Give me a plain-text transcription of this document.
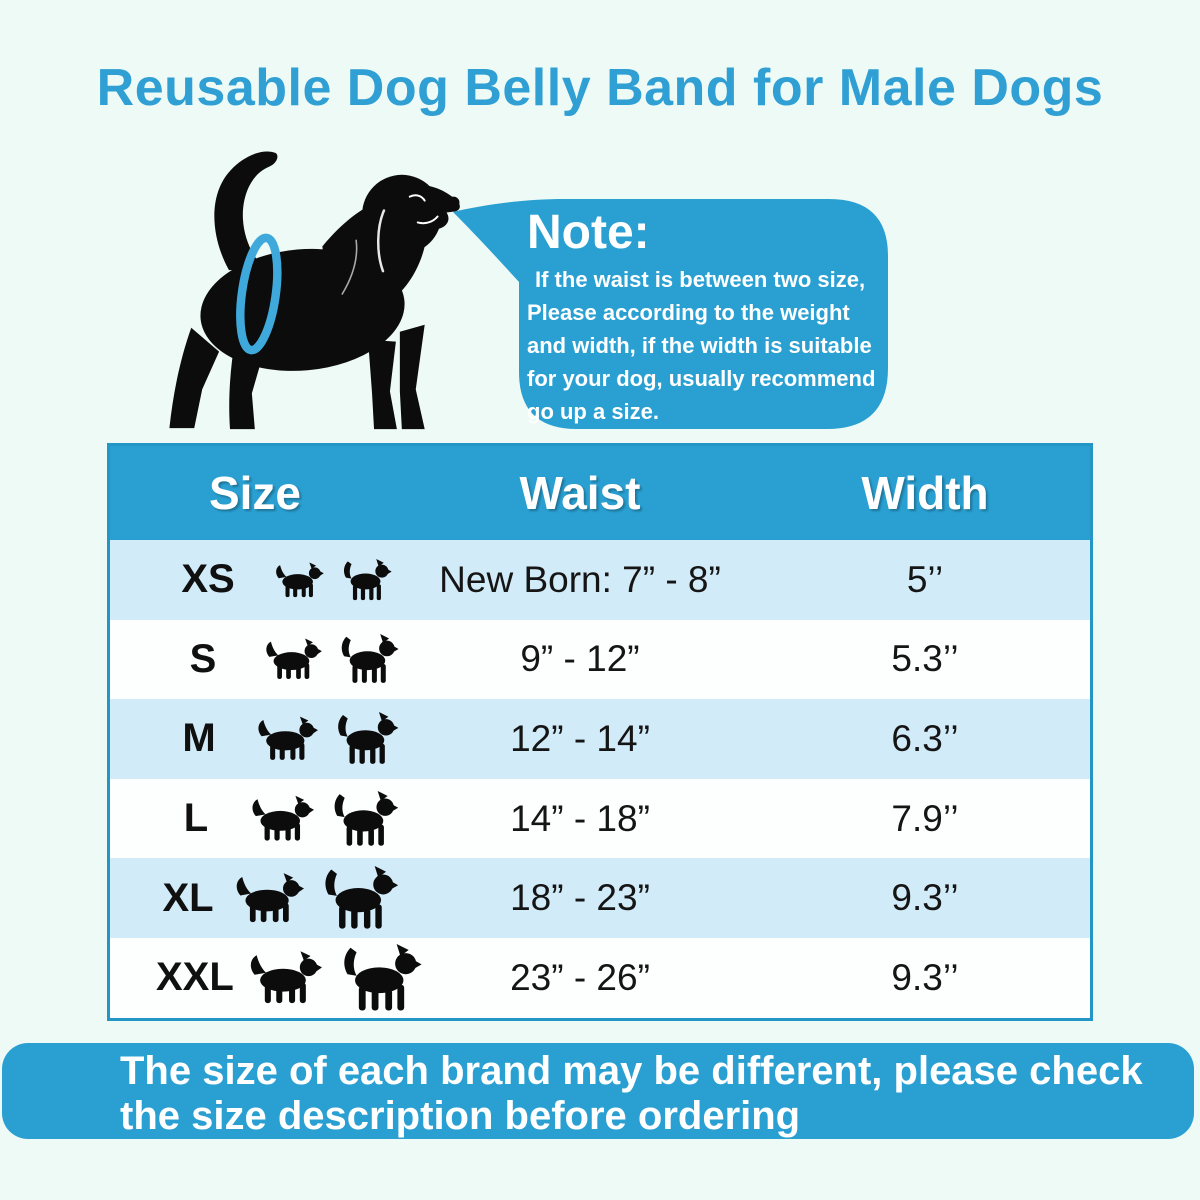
Reusable Dog Belly Band for Male Dogs
Note:
If the waist is between two size, Please according to the weight and width, if the width is suitable for your dog, usually recommend go up a size.
Size	Waist	Width
XS	New Born: 7” - 8”	5’’
S	9” - 12”	5.3’’
M	12” - 14”	6.3’’
L	14” - 18”	7.9’’
XL	18” - 23”	9.3’’
XXL	23” - 26”	9.3’’
The size of each brand may be different, please check the size description before ordering
